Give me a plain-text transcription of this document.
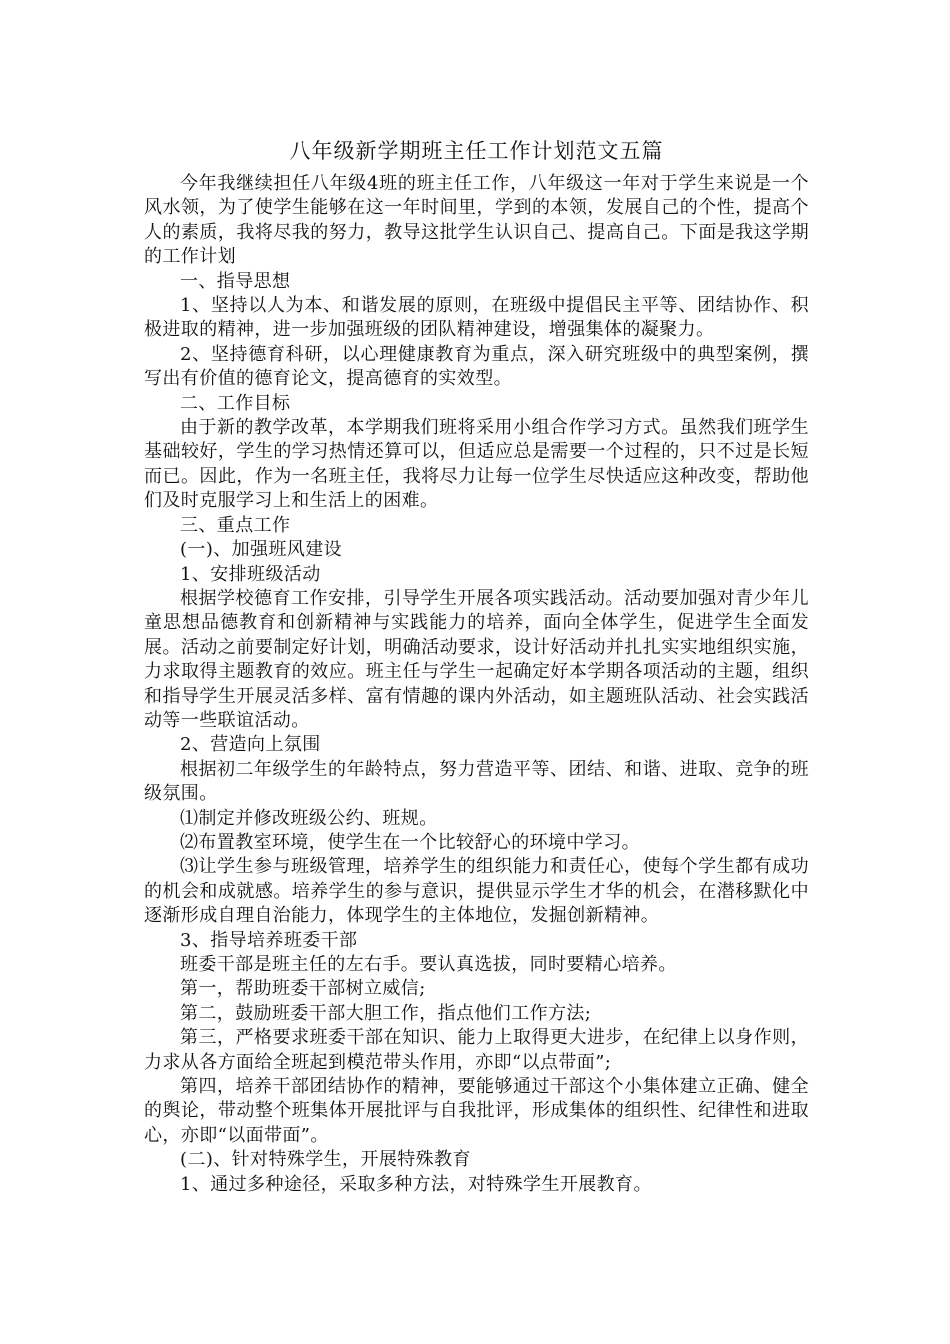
八年级新学期班主任工作计划范文五篇

今年我继续担任八年级4班的班主任工作，八年级这一年对于学生来说是一个风水领，为了使学生能够在这一年时间里，学到的本领，发展自己的个性，提高个人的素质，我将尽我的努力，教导这批学生认识自己、提高自己。下面是我这学期的工作计划

一、指导思想

1、坚持以人为本、和谐发展的原则，在班级中提倡民主平等、团结协作、积极进取的精神，进一步加强班级的团队精神建设，增强集体的凝聚力。

2、坚持德育科研，以心理健康教育为重点，深入研究班级中的典型案例，撰写出有价值的德育论文，提高德育的实效型。

二、工作目标

由于新的教学改革，本学期我们班将采用小组合作学习方式。虽然我们班学生基础较好，学生的学习热情还算可以，但适应总是需要一个过程的，只不过是长短而已。因此，作为一名班主任，我将尽力让每一位学生尽快适应这种改变，帮助他们及时克服学习上和生活上的困难。

三、重点工作

(一)、加强班风建设

1、安排班级活动

根据学校德育工作安排，引导学生开展各项实践活动。活动要加强对青少年儿童思想品德教育和创新精神与实践能力的培养，面向全体学生，促进学生全面发展。活动之前要制定好计划，明确活动要求，设计好活动并扎扎实实地组织实施，力求取得主题教育的效应。班主任与学生一起确定好本学期各项活动的主题，组织和指导学生开展灵活多样、富有情趣的课内外活动，如主题班队活动、社会实践活动等一些联谊活动。

2、营造向上氛围

根据初二年级学生的年龄特点，努力营造平等、团结、和谐、进取、竞争的班级氛围。

⑴制定并修改班级公约、班规。

⑵布置教室环境，使学生在一个比较舒心的环境中学习。

⑶让学生参与班级管理，培养学生的组织能力和责任心，使每个学生都有成功的机会和成就感。培养学生的参与意识，提供显示学生才华的机会，在潜移默化中逐渐形成自理自治能力，体现学生的主体地位，发掘创新精神。

3、指导培养班委干部

班委干部是班主任的左右手。要认真选拔，同时要精心培养。

第一，帮助班委干部树立威信;

第二，鼓励班委干部大胆工作，指点他们工作方法;

第三，严格要求班委干部在知识、能力上取得更大进步，在纪律上以身作则，力求从各方面给全班起到模范带头作用，亦即“以点带面”;

第四，培养干部团结协作的精神，要能够通过干部这个小集体建立正确、健全的舆论，带动整个班集体开展批评与自我批评，形成集体的组织性、纪律性和进取心，亦即“以面带面”。

(二)、针对特殊学生，开展特殊教育

1、通过多种途径，采取多种方法，对特殊学生开展教育。
